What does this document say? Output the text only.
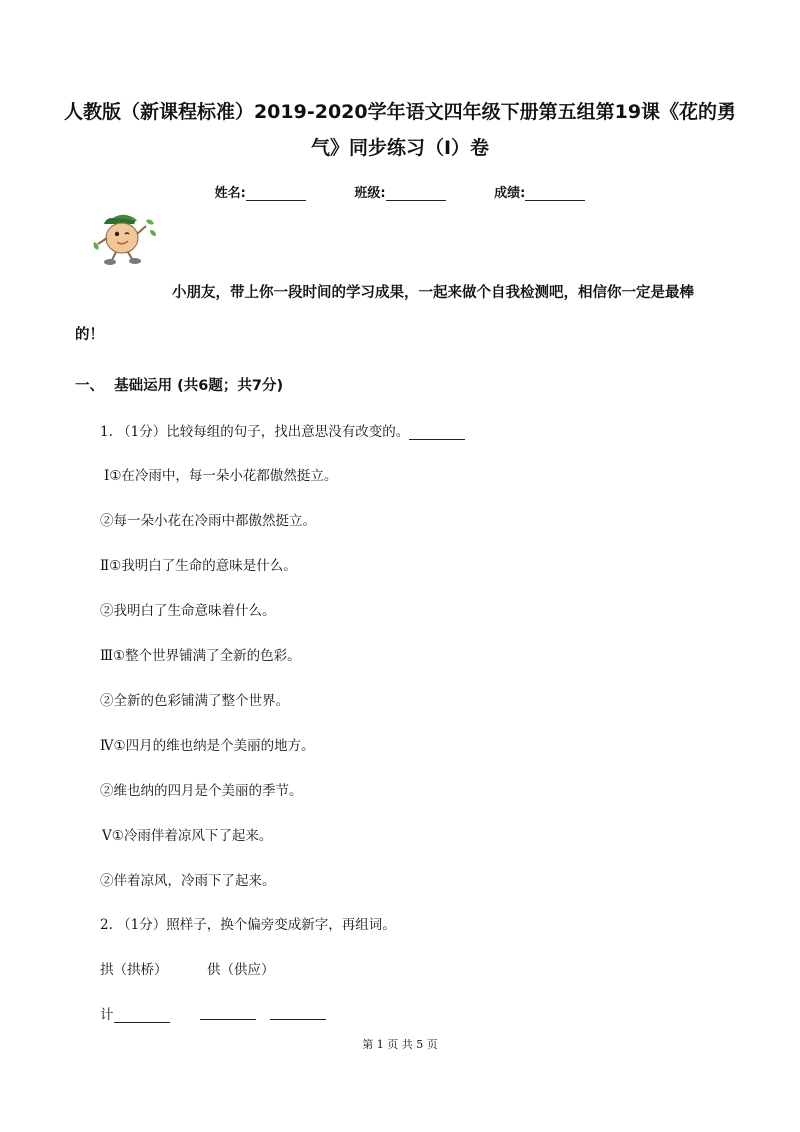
人教版（新课程标准）2019-2020学年语文四年级下册第五组第19课《花的勇
气》同步练习（I）卷
姓名:	班级:	成绩:
小朋友，带上你一段时间的学习成果，一起来做个自我检测吧，相信你一定是最棒
的！
一、  基础运用 (共6题；共7分)
1. （1分）比较每组的句子，找出意思没有改变的。
Ⅰ①在冷雨中，每一朵小花都傲然挺立。
②每一朵小花在冷雨中都傲然挺立。
Ⅱ①我明白了生命的意味是什么。
②我明白了生命意味着什么。
Ⅲ①整个世界铺满了全新的色彩。
②全新的色彩铺满了整个世界。
Ⅳ①四月的维也纳是个美丽的地方。
②维也纳的四月是个美丽的季节。
Ⅴ①冷雨伴着凉风下了起来。
②伴着凉风，冷雨下了起来。
2. （1分）照样子，换个偏旁变成新字，再组词。
拱（拱桥）	供（供应）
计
第 1 页 共 5 页
